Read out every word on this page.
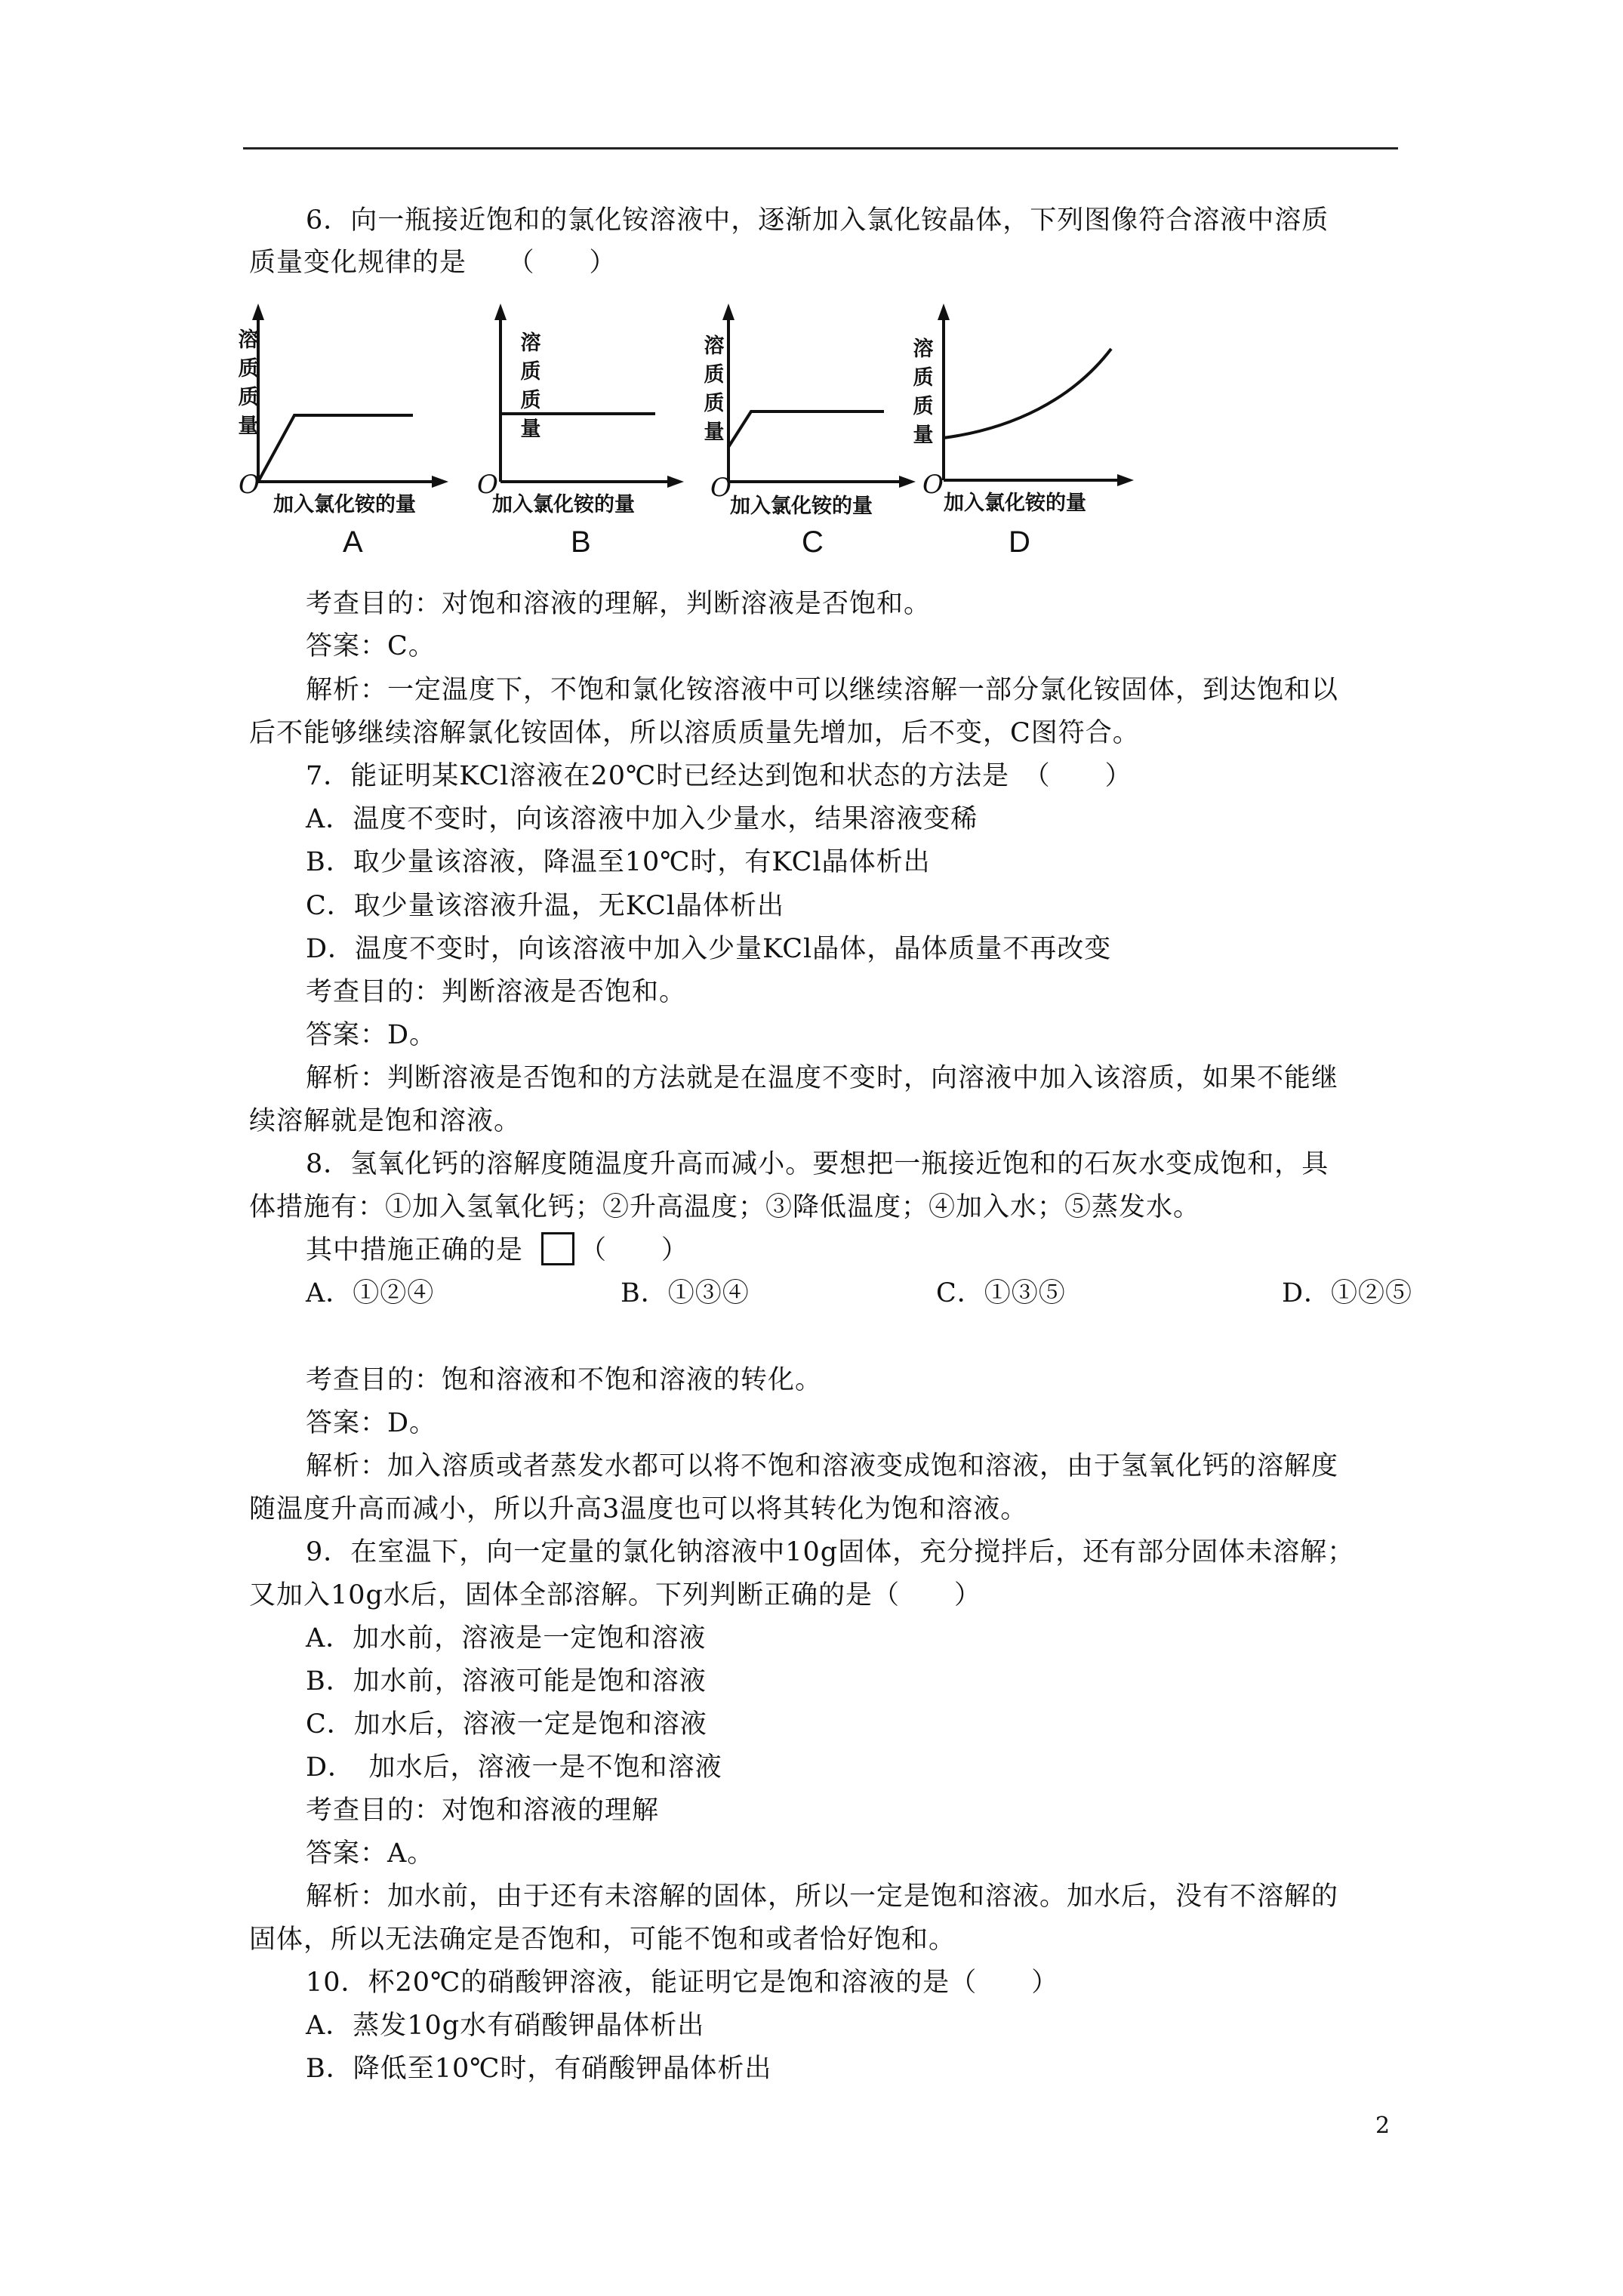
6．向一瓶接近饱和的氯化铵溶液中，逐渐加入氯化铵晶体，下列图像符合溶液中溶质
质量变化规律的是　　（　　）
溶质质量
O
加入氯化铵的量
A
溶质质量
O
加入氯化铵的量
B
溶质质量
O
加入氯化铵的量
C
溶质质量
O
加入氯化铵的量
D
考查目的：对饱和溶液的理解，判断溶液是否饱和。
答案：C。
解析：一定温度下，不饱和氯化铵溶液中可以继续溶解一部分氯化铵固体，到达饱和以
后不能够继续溶解氯化铵固体，所以溶质质量先增加，后不变，C图符合。
7．能证明某KCl溶液在20℃时已经达到饱和状态的方法是　（　　）
A．温度不变时，向该溶液中加入少量水，结果溶液变稀
B．取少量该溶液，降温至10℃时，有KCl晶体析出
C．取少量该溶液升温，无KCl晶体析出
D．温度不变时，向该溶液中加入少量KCl晶体，晶体质量不再改变
考查目的：判断溶液是否饱和。
答案：D。
解析：判断溶液是否饱和的方法就是在温度不变时，向溶液中加入该溶质，如果不能继
续溶解就是饱和溶液。
8．氢氧化钙的溶解度随温度升高而减小。要想把一瓶接近饱和的石灰水变成饱和，具
体措施有：①加入氢氧化钙；②升高温度；③降低温度；④加入水；⑤蒸发水。
其中措施正确的是 （　　）
A．①②④	B．①③④	C．①③⑤	D．①②⑤
考查目的：饱和溶液和不饱和溶液的转化。
答案：D。
解析：加入溶质或者蒸发水都可以将不饱和溶液变成饱和溶液，由于氢氧化钙的溶解度
随温度升高而减小，所以升高3温度也可以将其转化为饱和溶液。
9．在室温下，向一定量的氯化钠溶液中10g固体，充分搅拌后，还有部分固体未溶解；
又加入10g水后，固体全部溶解。下列判断正确的是（　　）
A．加水前，溶液是一定饱和溶液
B．加水前，溶液可能是饱和溶液
C．加水后，溶液一定是饱和溶液
D．　加水后，溶液一是不饱和溶液
考查目的：对饱和溶液的理解
答案：A。
解析：加水前，由于还有未溶解的固体，所以一定是饱和溶液。加水后，没有不溶解的
固体，所以无法确定是否饱和，可能不饱和或者恰好饱和。
10．杯20℃的硝酸钾溶液，能证明它是饱和溶液的是（　　）
A．蒸发10g水有硝酸钾晶体析出
B．降低至10℃时，有硝酸钾晶体析出
2
